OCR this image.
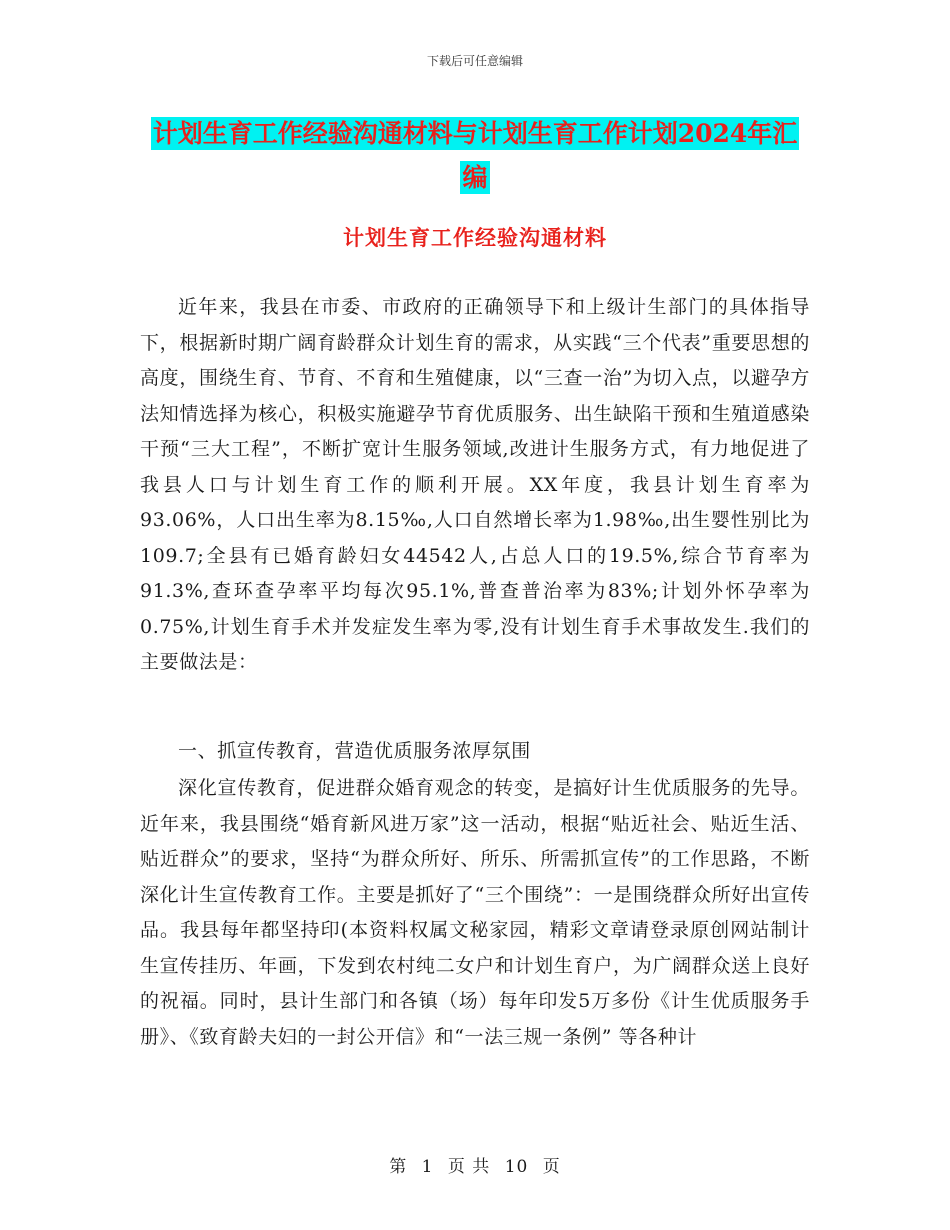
下载后可任意编辑
计划生育工作经验沟通材料与计划生育工作计划2024年汇编
计划生育工作经验沟通材料

近年来，我县在市委、市政府的正确领导下和上级计生部门的具体指导下，根据新时期广阔育龄群众计划生育的需求，从实践“三个代表”重要思想的高度，围绕生育、节育、不育和生殖健康，以“三查一治”为切入点，以避孕方法知情选择为核心，积极实施避孕节育优质服务、出生缺陷干预和生殖道感染干预“三大工程”，不断扩宽计生服务领域,改进计生服务方式，有力地促进了我县人口与计划生育工作的顺利开展。XX年度，我县计划生育率为93.06%，人口出生率为8.15‰,人口自然增长率为1.98‰,出生婴性别比为109.7;全县有已婚育龄妇女44542人,占总人口的19.5%,综合节育率为91.3%,查环查孕率平均每次95.1%,普查普治率为83%;计划外怀孕率为0.75%,计划生育手术并发症发生率为零,没有计划生育手术事故发生.我们的主要做法是：

一、抓宣传教育，营造优质服务浓厚氛围

深化宣传教育，促进群众婚育观念的转变，是搞好计生优质服务的先导。近年来，我县围绕“婚育新风进万家”这一活动，根据“贴近社会、贴近生活、贴近群众”的要求，坚持“为群众所好、所乐、所需抓宣传”的工作思路，不断深化计生宣传教育工作。主要是抓好了“三个围绕”：一是围绕群众所好出宣传品。我县每年都坚持印(本资料权属文秘家园，精彩文章请登录原创网站制计生宣传挂历、年画，下发到农村纯二女户和计划生育户，为广阔群众送上良好的祝福。同时，县计生部门和各镇（场）每年印发5万多份《计生优质服务手册》、《致育龄夫妇的一封公开信》和“一法三规一条例” 等各种计

第 1 页 共 10 页
